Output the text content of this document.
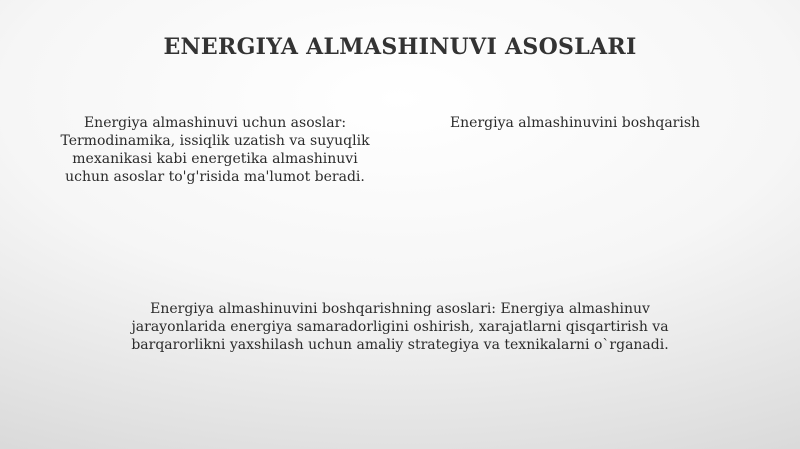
ENERGIYA ALMASHINUVI ASOSLARI

Energiya almashinuvi uchun asoslar: Termodinamika, issiqlik uzatish va suyuqlik mexanikasi kabi energetika almashinuvi uchun asoslar to'g'risida ma'lumot beradi.

Energiya almashinuvini boshqarish

Energiya almashinuvini boshqarishning asoslari: Energiya almashinuv jarayonlarida energiya samaradorligini oshirish, xarajatlarni qisqartirish va barqarorlikni yaxshilash uchun amaliy strategiya va texnikalarni o`rganadi.
